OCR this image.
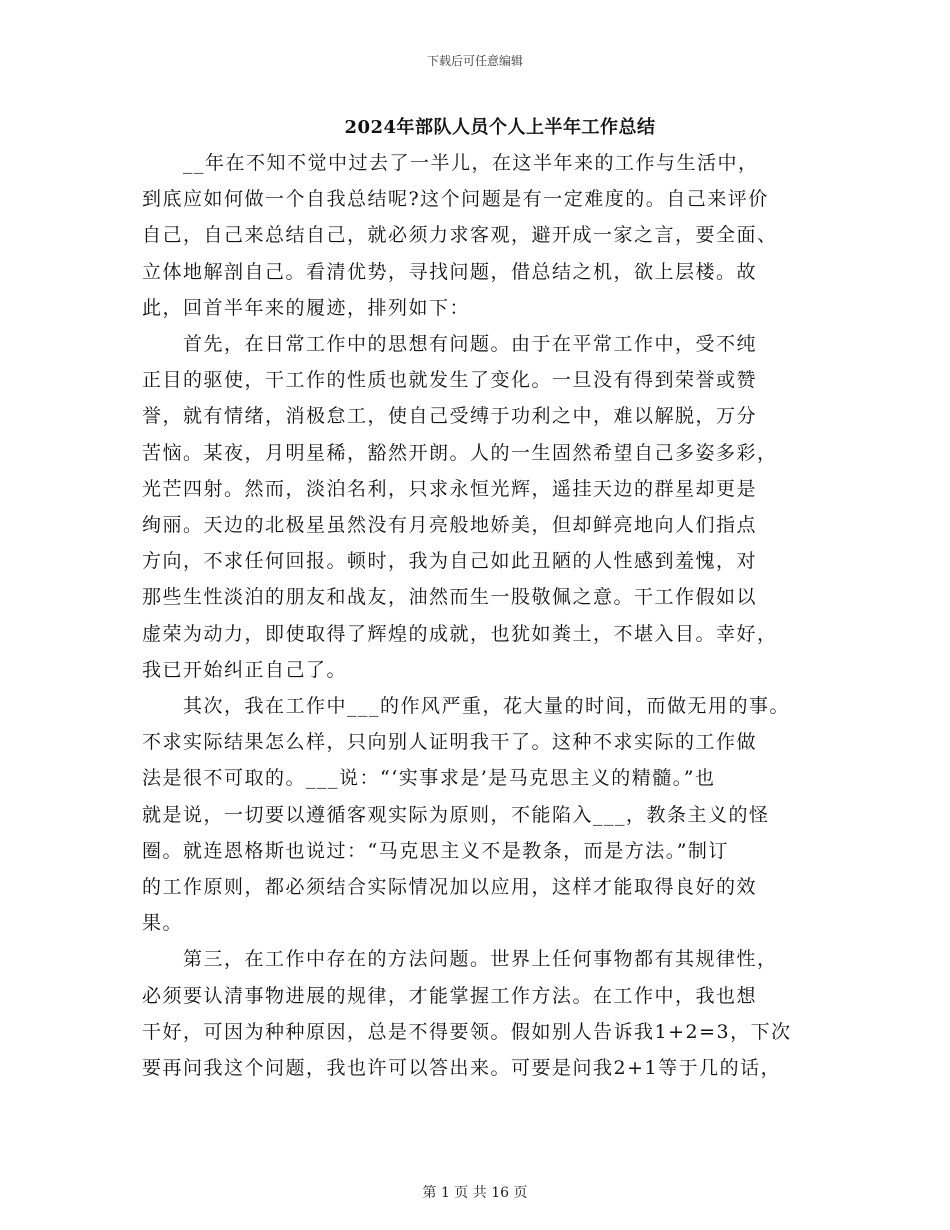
下载后可任意编辑
2024年部队人员个人上半年工作总结
　　__年在不知不觉中过去了一半儿，在这半年来的工作与生活中，
到底应如何做一个自我总结呢?这个问题是有一定难度的。自己来评价
自己，自己来总结自己，就必须力求客观，避开成一家之言，要全面、
立体地解剖自己。看清优势，寻找问题，借总结之机，欲上层楼。故
此，回首半年来的履迹，排列如下：
　　首先，在日常工作中的思想有问题。由于在平常工作中，受不纯
正目的驱使，干工作的性质也就发生了变化。一旦没有得到荣誉或赞
誉，就有情绪，消极怠工，使自己受缚于功利之中，难以解脱，万分
苦恼。某夜，月明星稀，豁然开朗。人的一生固然希望自己多姿多彩，
光芒四射。然而，淡泊名利，只求永恒光辉，遥挂天边的群星却更是
绚丽。天边的北极星虽然没有月亮般地娇美，但却鲜亮地向人们指点
方向，不求任何回报。顿时，我为自己如此丑陋的人性感到羞愧，对
那些生性淡泊的朋友和战友，油然而生一股敬佩之意。干工作假如以
虚荣为动力，即使取得了辉煌的成就，也犹如粪土，不堪入目。幸好，
我已开始纠正自己了。
　　其次，我在工作中___的作风严重，花大量的时间，而做无用的事。
不求实际结果怎么样，只向别人证明我干了。这种不求实际的工作做
法是很不可取的。___说：“‘实事求是’是马克思主义的精髓。”也
就是说，一切要以遵循客观实际为原则，不能陷入___，教条主义的怪
圈。就连恩格斯也说过：“马克思主义不是教条，而是方法。”制订
的工作原则，都必须结合实际情况加以应用，这样才能取得良好的效
果。
　　第三，在工作中存在的方法问题。世界上任何事物都有其规律性，
必须要认清事物进展的规律，才能掌握工作方法。在工作中，我也想
干好，可因为种种原因，总是不得要领。假如别人告诉我1+2=3，下次
要再问我这个问题，我也许可以答出来。可要是问我2+1等于几的话，
第 1 页 共 16 页
